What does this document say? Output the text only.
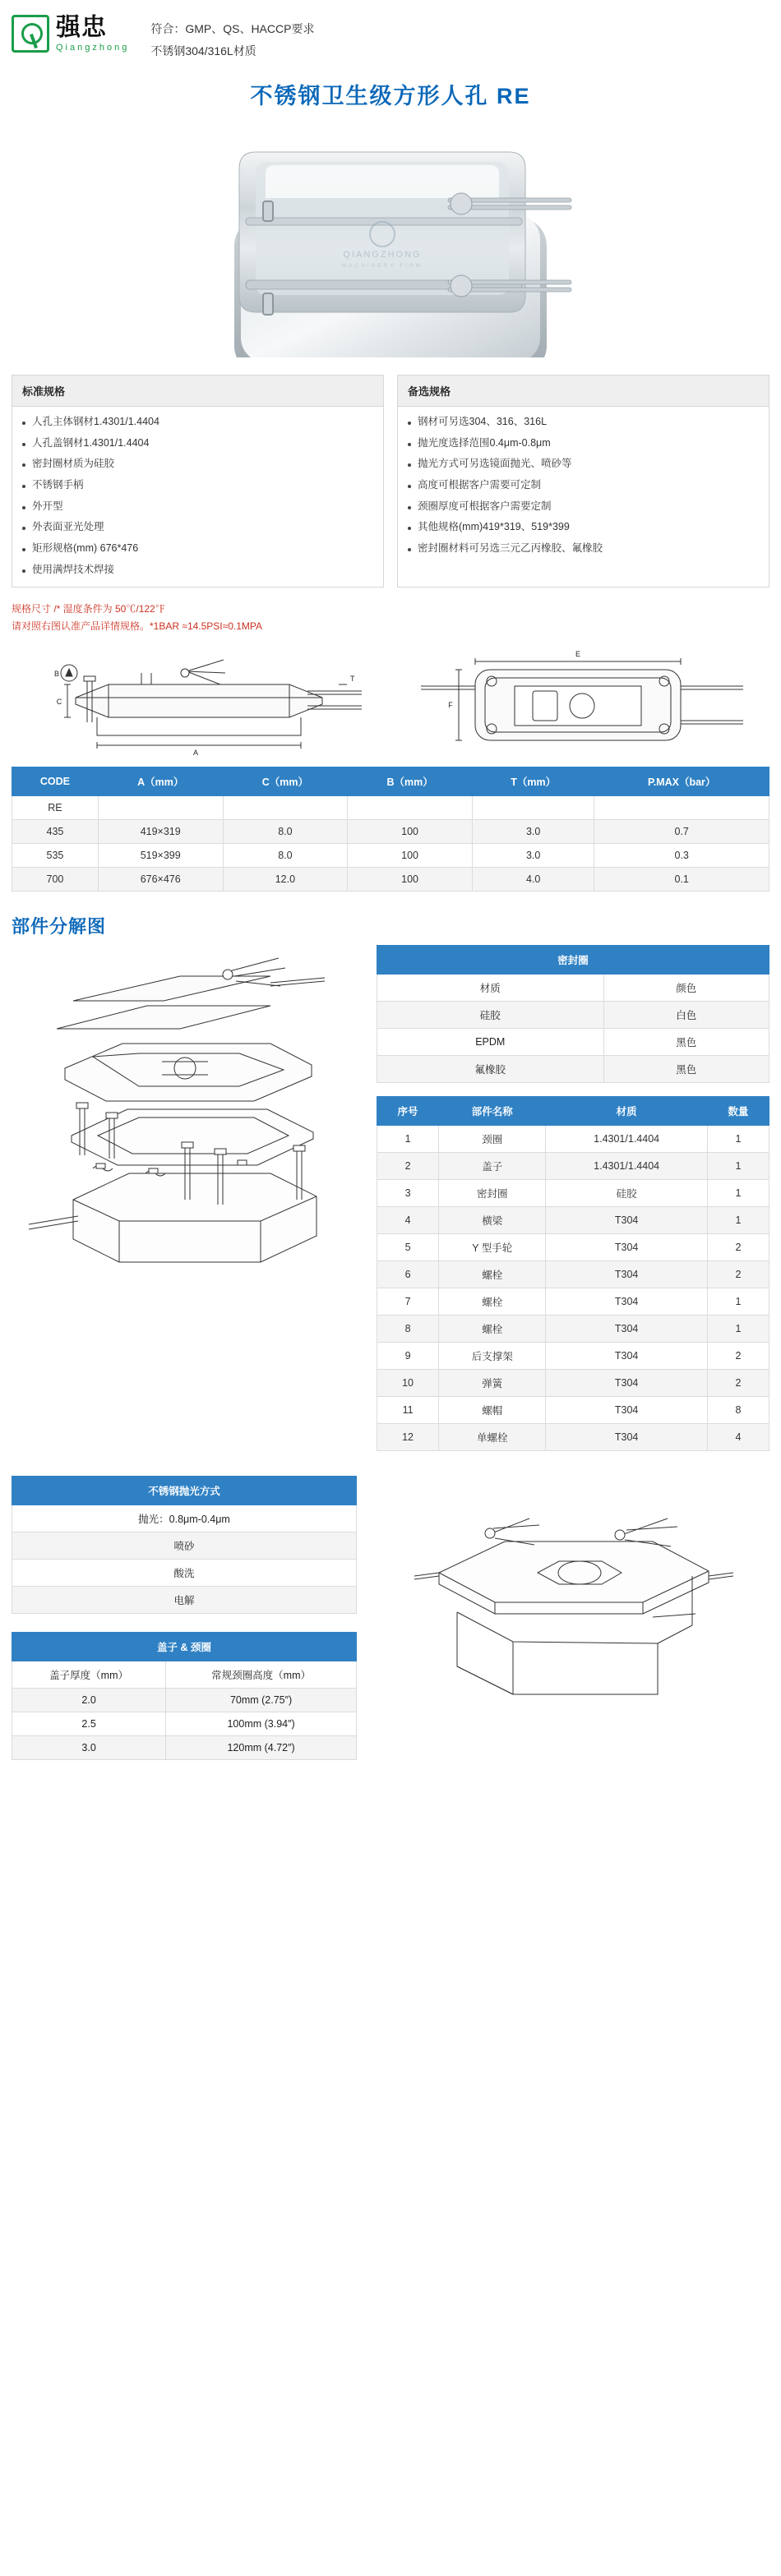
强忠
Qiangzhong
符合：GMP、QS、HACCP要求
不锈钢304/316L材质
不锈钢卫生级方形人孔 RE
QIANGZHONG
MACHINERY FIRM
标准规格
人孔主体钢材1.4301/1.4404
人孔盖钢材1.4301/1.4404
密封圈材质为硅胶
不锈钢手柄
外开型
外表面亚光处理
矩形规格(mm) 676*476
使用满焊技术焊接
备选规格
钢材可另选304、316、316L
抛光度选择范围0.4μm-0.8μm
抛光方式可另选镜面抛光、喷砂等
高度可根据客户需要可定制
颈圈厚度可根据客户需要定制
其他规格(mm)419*319、519*399
密封圈材料可另选三元乙丙橡胶、氟橡胶
规格尺寸 /* 湿度条件为 50℃/122℉
请对照右图认准产品详情规格。*1BAR ≈14.5PSI≈0.1MPA
A
C
T
B
E
F
CODE	A（mm）	C（mm）	B（mm）	T（mm）	P.MAX（bar）
RE					
435	419×319	8.0	100	3.0	0.7
535	519×399	8.0	100	3.0	0.3
700	676×476	12.0	100	4.0	0.1
部件分解图
密封圈	
材质	颜色
硅胶	白色
EPDM	黑色
氟橡胶	黑色
序号	部件名称	材质	数量
1	颈圈	1.4301/1.4404	1
2	盖子	1.4301/1.4404	1
3	密封圈	硅胶	1
4	横梁	T304	1
5	Y 型手轮	T304	2
6	螺栓	T304	2
7	螺栓	T304	1
8	螺栓	T304	1
9	后支撑架	T304	2
10	弹簧	T304	2
11	螺帽	T304	8
12	单螺栓	T304	4
不锈钢抛光方式
抛光：0.8μm-0.4μm
喷砂
酸洗
电解
盖子 & 颈圈	
盖子厚度（mm）	常规颈圈高度（mm）
2.0	70mm (2.75″)
2.5	100mm (3.94″)
3.0	120mm (4.72″)
